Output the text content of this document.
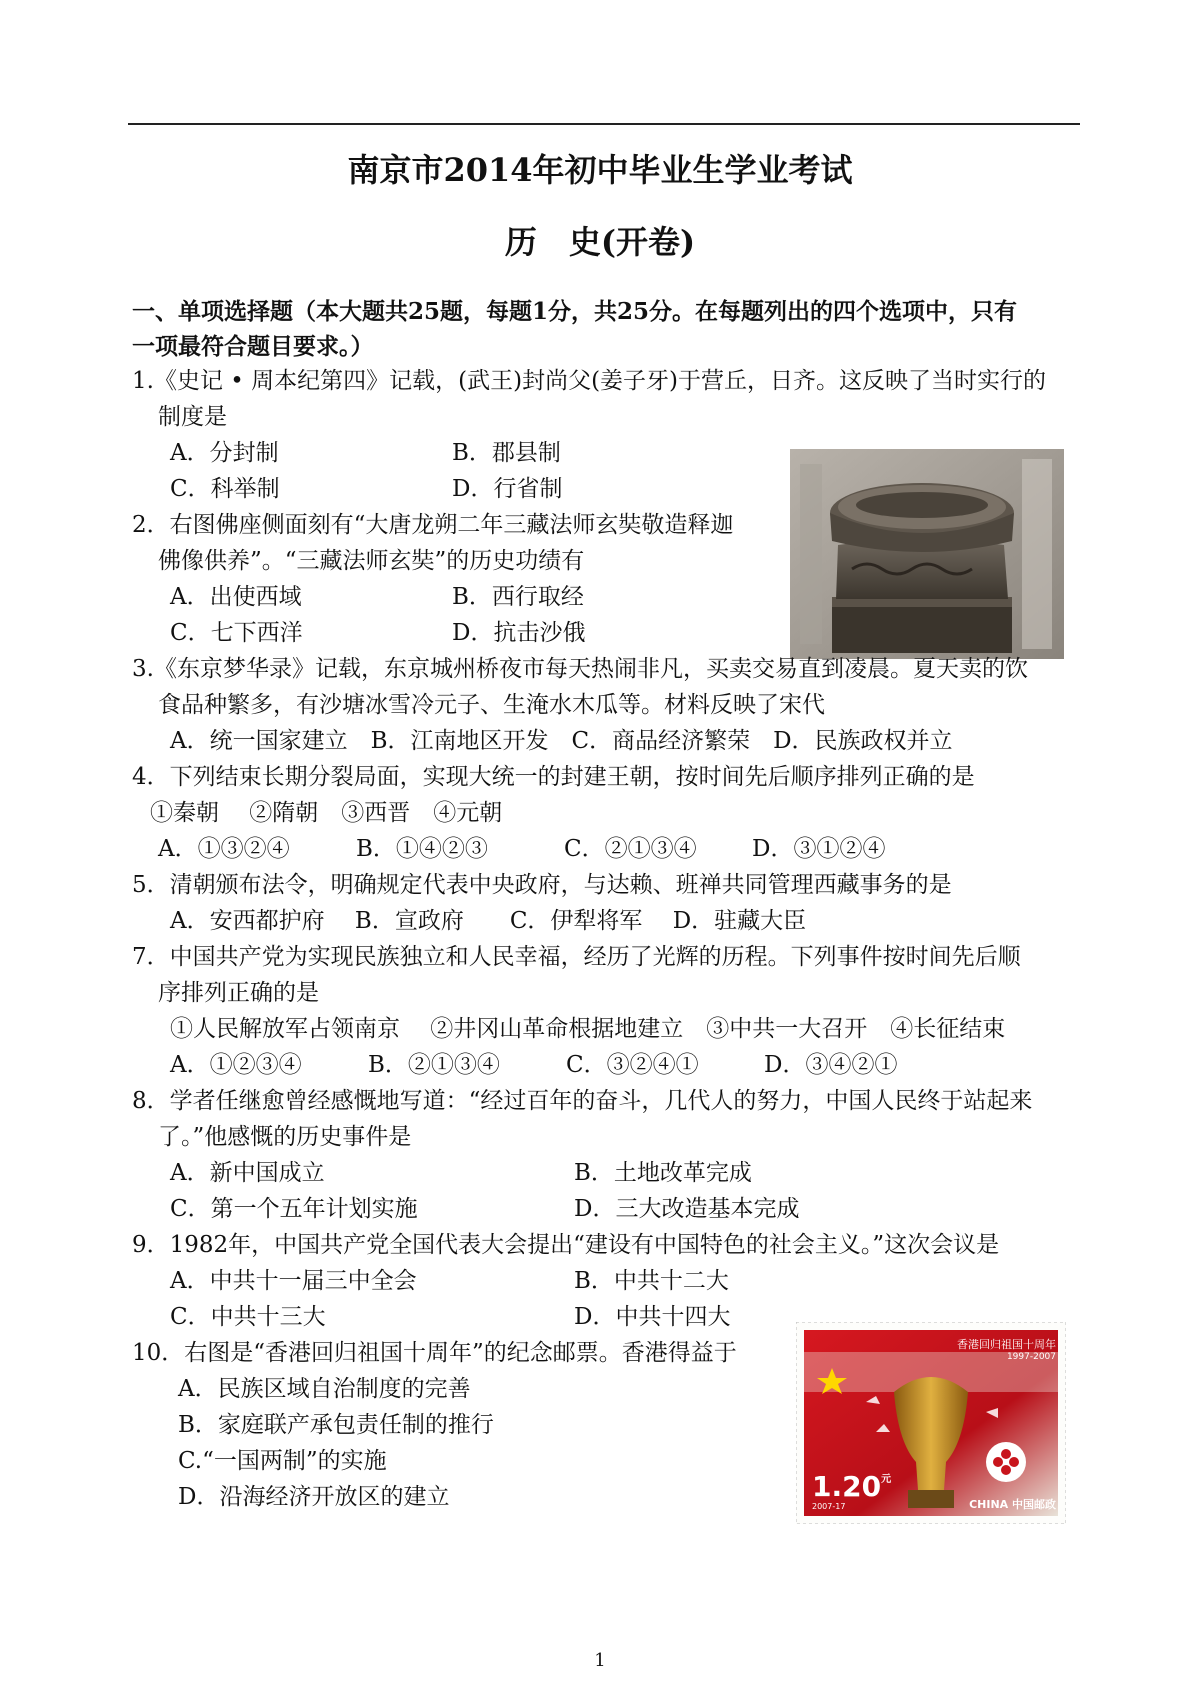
南京市2014年初中毕业生学业考试
历　史(开卷)
一、单项选择题（本大题共25题，每题1分，共25分。在每题列出的四个选项中，只有
一项最符合题目要求。）
1.《史记 • 周本纪第四》记载，(武王)封尚父(姜子牙)于营丘，日齐。这反映了当时实行的
制度是
A．分封制	B．郡县制
C．科举制	D．行省制
2．右图佛座侧面刻有“大唐龙朔二年三藏法师玄奘敬造释迦
佛像供养”。“三藏法师玄奘”的历史功绩有
A．出使西域	B．西行取经
C．七下西洋	D．抗击沙俄
3.《东京梦华录》记载，东京城州桥夜市每天热闹非凡，买卖交易直到凌晨。夏天卖的饮
食品种繁多，有沙塘冰雪冷元子、生淹水木瓜等。材料反映了宋代
A．统一国家建立　B．江南地区开发　C．商品经济繁荣　D．民族政权并立
4．下列结束长期分裂局面，实现大统一的封建王朝，按时间先后顺序排列正确的是
①秦朝　 ②隋朝　③西晋　④元朝
A．①③②④	B．①④②③	C．②①③④ D．③①②④
5．清朝颁布法令，明确规定代表中央政府，与达赖、班禅共同管理西藏事务的是
A．安西都护府　 B．宣政府　　C．伊犁将军　 D．驻藏大臣
7．中国共产党为实现民族独立和人民幸福，经历了光辉的历程。下列事件按时间先后顺
序排列正确的是
①人民解放军占领南京　 ②井冈山革命根据地建立　③中共一大召开　④长征结束
A．①②③④	B．②①③④	C．③②④①	D．③④②①
8．学者任继愈曾经感慨地写道：“经过百年的奋斗，几代人的努力，中国人民终于站起来
了。”他感慨的历史事件是
A．新中国成立	B．土地改革完成
C．第一个五年计划实施	D．三大改造基本完成
9．1982年，中国共产党全国代表大会提出“建设有中国特色的社会主义。”这次会议是
A．中共十一届三中全会	B．中共十二大
C．中共十三大	D．中共十四大
10．右图是“香港回归祖国十周年”的纪念邮票。香港得益于
A．民族区域自治制度的完善
B．家庭联产承包责任制的推行
C.“一国两制”的实施
D．沿海经济开放区的建立
香港回归祖国十周年
1997-2007
$1.20^元$
2007-17	CHINA 中国邮政
1
